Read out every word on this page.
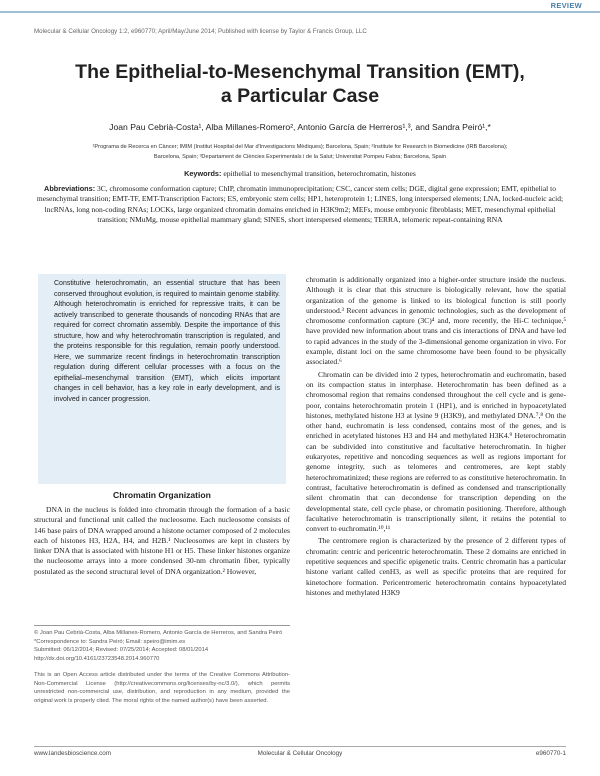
REVIEW
Molecular & Cellular Oncology 1:2, e960770; April/May/June 2014; Published with license by Taylor & Francis Group, LLC
The Epithelial-to-Mesenchymal Transition (EMT),
a Particular Case
Joan Pau Cebrià-Costa¹, Alba Millanes-Romero², Antonio García de Herreros¹,³, and Sandra Peiró¹,*
¹Programa de Recerca en Càncer; IMIM (Institut Hospital del Mar d'Investigacions Mèdiques); Barcelona, Spain; ²Institute for Research in Biomedicine (IRB Barcelona);
Barcelona, Spain; ³Departament de Ciències Experimentals i de la Salut; Universitat Pompeu Fabra; Barcelona, Spain
Keywords: epithelial to mesenchymal transition, heterochromatin, histones
Abbreviations: 3C, chromosome conformation capture; ChIP, chromatin immunoprecipitation; CSC, cancer stem cells; DGE, digital gene expression; EMT, epithelial to mesenchymal transition; EMT-TF, EMT-Transcription Factors; ES, embryonic stem cells; HP1, heteroprotein 1; LINES, long interspersed elements; LNA, locked-nucleic acid; lncRNAs, long non-coding RNAs; LOCKs, large organized chromatin domains enriched in H3K9m2; MEFs, mouse embryonic fibroblasts; MET, mesenchymal epithelial transition; NMuMg, mouse epithelial mammary gland; SINES, short interspersed elements; TERRA, telomeric repeat-containing RNA
Constitutive heterochromatin, an essential structure that has been conserved throughout evolution, is required to maintain genome stability. Although heterochromatin is enriched for repressive traits, it can be actively transcribed to generate thousands of noncoding RNAs that are required for correct chromatin assembly. Despite the importance of this structure, how and why heterochromatin transcription is regulated, and the proteins responsible for this regulation, remain poorly understood. Here, we summarize recent findings in heterochromatin transcription regulation during different cellular processes with a focus on the epithelial–mesenchymal transition (EMT), which elicits important changes in cell behavior, has a key role in early development, and is involved in cancer progression.
Chromatin Organization

DNA in the nucleus is folded into chromatin through the formation of a basic structural and functional unit called the nucleosome. Each nucleosome consists of 146 base pairs of DNA wrapped around a histone octamer composed of 2 molecules each of histones H3, H2A, H4, and H2B.¹ Nucleosomes are kept in clusters by linker DNA that is associated with histone H1 or H5. These linker histones organize the nucleosome arrays into a more condensed 30-nm chromatin fiber, typically postulated as the second structural level of DNA organization.² However,

© Joan Pau Cebrià-Costa, Alba Millanes-Romero, Antonio García de Herreros, and Sandra Peiró
*Correspondence to: Sandra Peiró; Email: speiro@imim.es
Submitted: 06/12/2014; Revised: 07/25/2014; Accepted: 08/01/2014
http://dx.doi.org/10.4161/23723548.2014.960770
This is an Open Access article distributed under the terms of the Creative Commons Attribution-Non-Commercial License (http://creativecommons.org/licenses/by-nc/3.0/), which permits unrestricted non-commercial use, distribution, and reproduction in any medium, provided the original work is properly cited. The moral rights of the named author(s) have been asserted.

chromatin is additionally organized into a higher-order structure inside the nucleus. Although it is clear that this structure is biologically relevant, how the spatial organization of the genome is linked to its biological function is still poorly understood.³ Recent advances in genomic technologies, such as the development of chromosome conformation capture (3C)⁴ and, more recently, the Hi-C technique,⁵ have provided new information about trans and cis interactions of DNA and have led to rapid advances in the study of the 3-dimensional genome organization in vivo. For example, distant loci on the same chromosome have been found to be physically associated.⁶

Chromatin can be divided into 2 types, heterochromatin and euchromatin, based on its compaction status in interphase. Heterochromatin has been defined as a chromosomal region that remains condensed throughout the cell cycle and is gene-poor, contains heterochromatin protein 1 (HP1), and is enriched in hypoacetylated histones, methylated histone H3 at lysine 9 (H3K9), and methylated DNA.⁷,⁸ On the other hand, euchromatin is less condensed, contains most of the genes, and is enriched in acetylated histones H3 and H4 and methylated H3K4.⁹ Heterochromatin can be subdivided into constitutive and facultative heterochromatin. In higher eukaryotes, repetitive and noncoding sequences as well as regions important for genome integrity, such as telomeres and centromeres, are kept stably heterochromatinized; these regions are referred to as constitutive heterochromatin. In contrast, facultative heterochromatin is defined as condensed and transcriptionally silent chromatin that can decondense for transcription depending on the developmental state, cell cycle phase, or chromatin positioning. Therefore, although facultative heterochromatin is transcriptionally silent, it retains the potential to convert to euchromatin.¹⁰,¹¹

The centromere region is characterized by the presence of 2 different types of chromatin: centric and pericentric heterochromatin. These 2 domains are enriched in repetitive sequences and specific epigenetic traits. Centric chromatin has a particular histone variant called cenH3, as well as specific proteins that are required for kinetochore formation. Pericentromeric heterochromatin contains hypoacetylated histones and methylated H3K9

www.landesbioscience.com	Molecular & Cellular Oncology	e960770-1
